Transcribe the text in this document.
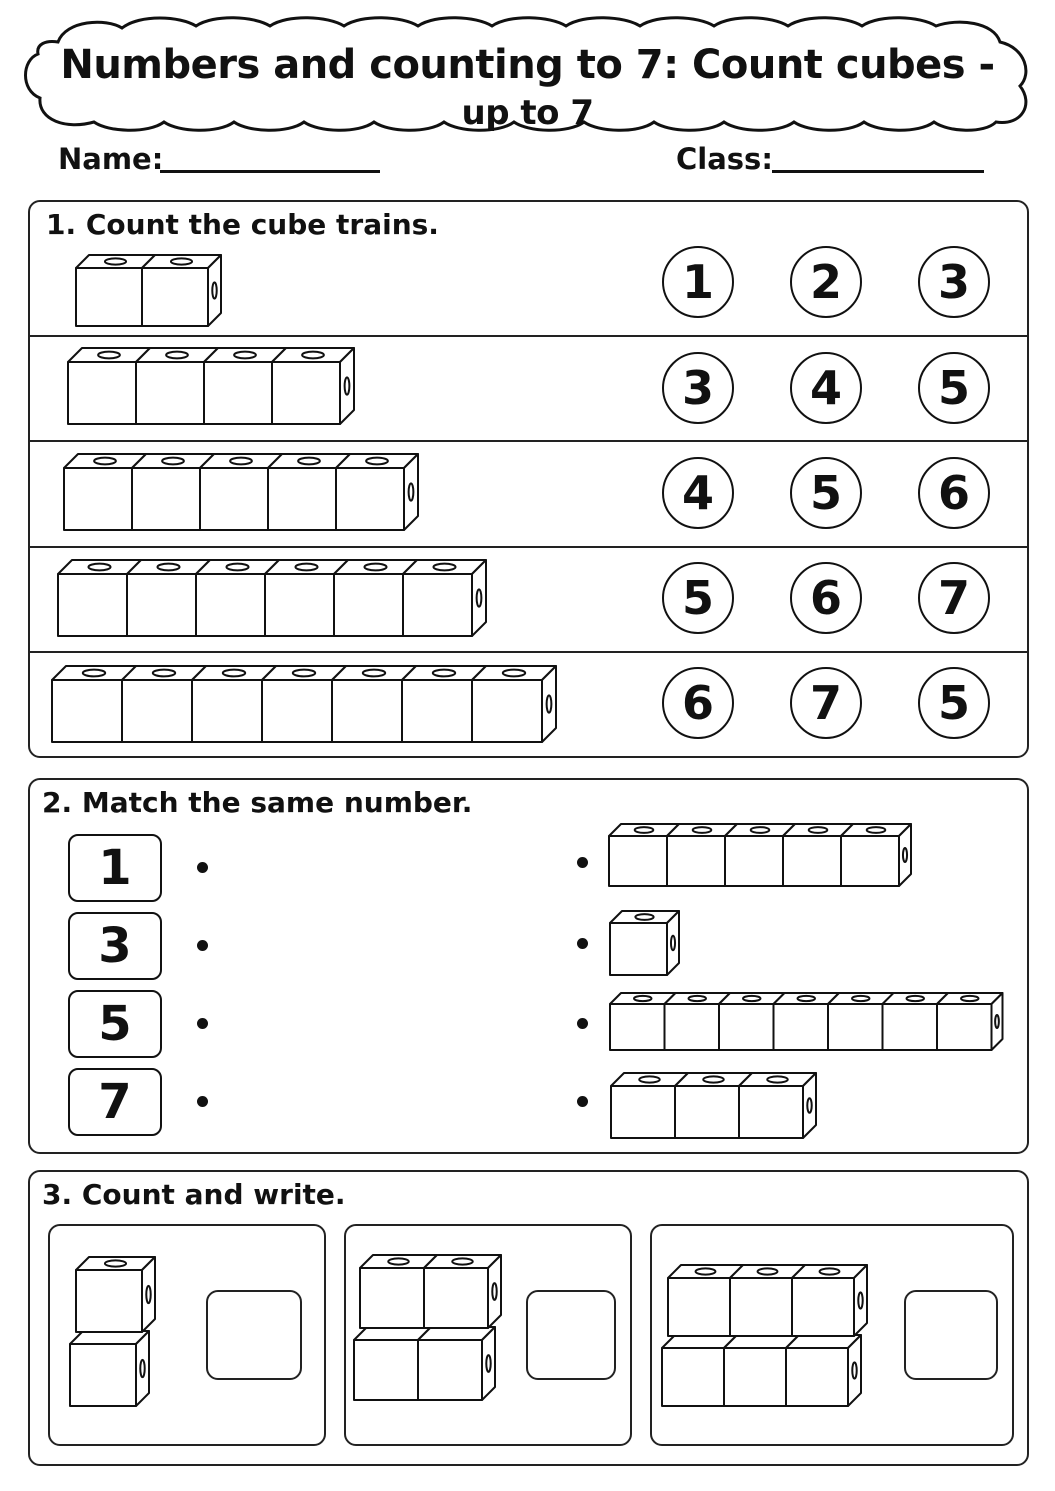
Numbers and counting to 7: Count cubes - up to 7
Name:	Class:
1. Count the cube trains.
1	2	3
3	4	5
4	5	6
5	6	7
6	7	5
2. Match the same number.
1
3
5
7
3. Count and write.
